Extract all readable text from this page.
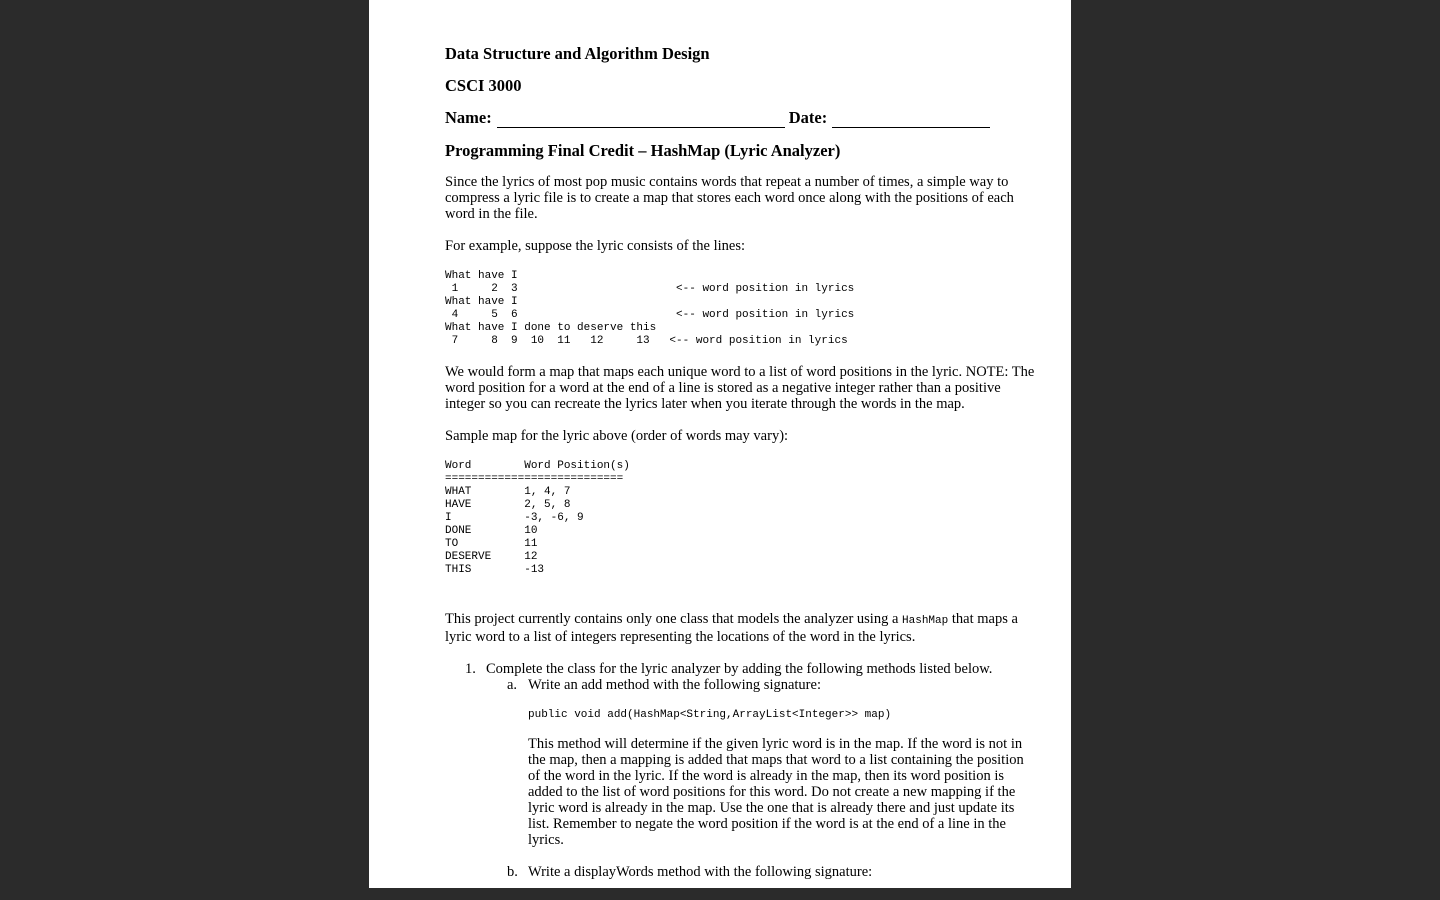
Data Structure and Algorithm Design

CSCI 3000

Name:	Date:

Programming Final Credit – HashMap (Lyric Analyzer)

Since the lyrics of most pop music contains words that repeat a number of times, a simple way to compress a lyric file is to create a map that stores each word once along with the positions of each word in the file.

For example, suppose the lyric consists of the lines:

What have I
1     2  3                        <-- word position in lyrics
What have I
4     5  6                        <-- word position in lyrics
What have I done to deserve this
7     8  9  10  11   12     13   <-- word position in lyrics

We would form a map that maps each unique word to a list of word positions in the lyric. NOTE: The word position for a word at the end of a line is stored as a negative integer rather than a positive integer so you can recreate the lyrics later when you iterate through the words in the map.

Sample map for the lyric above (order of words may vary):

Word        Word Position(s)
===========================
WHAT        1, 4, 7
HAVE        2, 5, 8
I           -3, -6, 9
DONE        10
TO          11
DESERVE     12
THIS        -13

This project currently contains only one class that models the analyzer using a HashMap that maps a lyric word to a list of integers representing the locations of the word in the lyrics.

1. Complete the class for the lyric analyzer by adding the following methods listed below.
a. Write an add method with the following signature:
public void add(HashMap<String,ArrayList<Integer>> map)
This method will determine if the given lyric word is in the map. If the word is not in the map, then a mapping is added that maps that word to a list containing the position of the word in the lyric. If the word is already in the map, then its word position is added to the list of word positions for this word. Do not create a new mapping if the lyric word is already in the map. Use the one that is already there and just update its list. Remember to negate the word position if the word is at the end of a line in the lyrics.
b. Write a displayWords method with the following signature:
